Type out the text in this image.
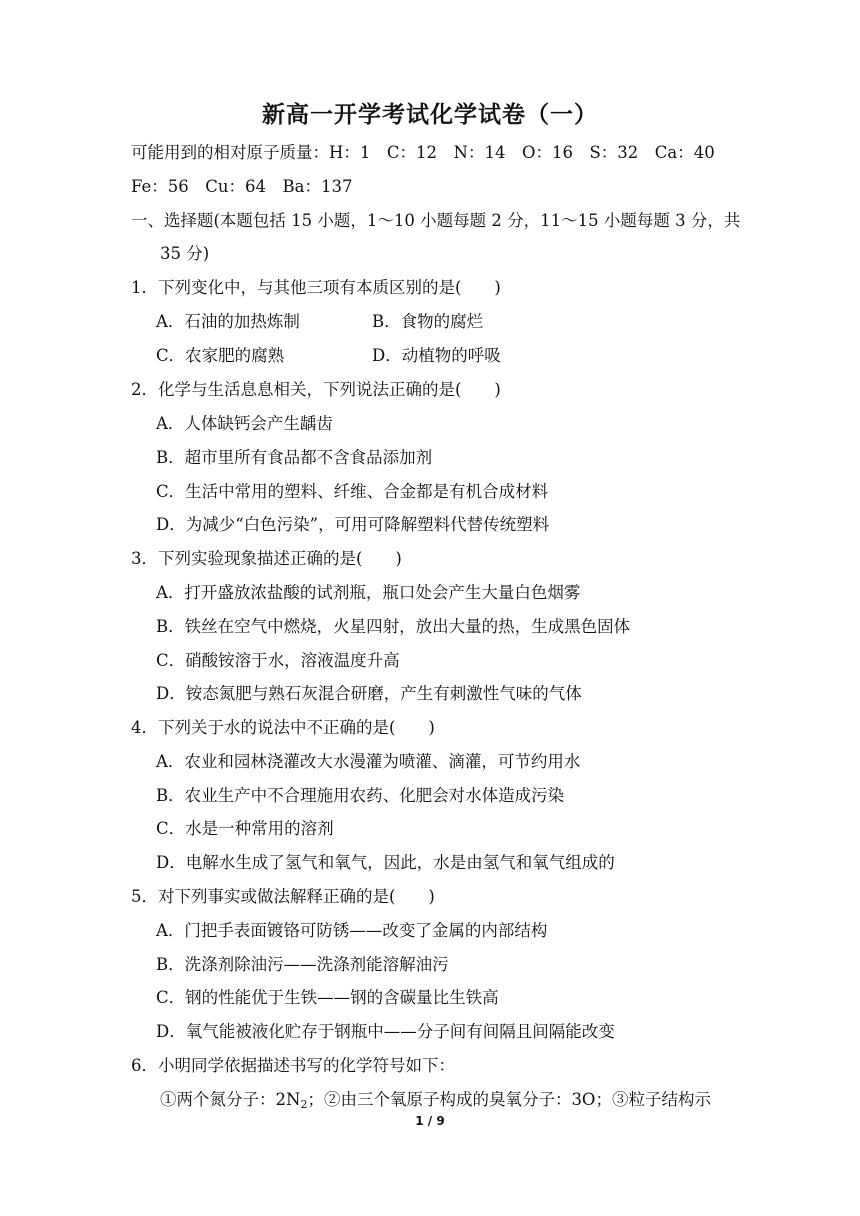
新高一开学考试化学试卷（一）
可能用到的相对原子质量：H：1　C：12　N：14　O：16　S：32　Ca：40
Fe：56　Cu：64　Ba：137
一、选择题(本题包括 15 小题，1～10 小题每题 2 分，11～15 小题每题 3 分，共
35 分)
1．下列变化中，与其他三项有本质区别的是(　　)
A．石油的加热炼制	B．食物的腐烂
C．农家肥的腐熟	D．动植物的呼吸
2．化学与生活息息相关，下列说法正确的是(　　)
A．人体缺钙会产生龋齿
B．超市里所有食品都不含食品添加剂
C．生活中常用的塑料、纤维、合金都是有机合成材料
D．为减少“白色污染”，可用可降解塑料代替传统塑料
3．下列实验现象描述正确的是(　　)
A．打开盛放浓盐酸的试剂瓶，瓶口处会产生大量白色烟雾
B．铁丝在空气中燃烧，火星四射，放出大量的热，生成黑色固体
C．硝酸铵溶于水，溶液温度升高
D．铵态氮肥与熟石灰混合研磨，产生有刺激性气味的气体
4．下列关于水的说法中不正确的是(　　)
A．农业和园林浇灌改大水漫灌为喷灌、滴灌，可节约用水
B．农业生产中不合理施用农药、化肥会对水体造成污染
C．水是一种常用的溶剂
D．电解水生成了氢气和氧气，因此，水是由氢气和氧气组成的
5．对下列事实或做法解释正确的是(　　)
A．门把手表面镀铬可防锈——改变了金属的内部结构
B．洗涤剂除油污——洗涤剂能溶解油污
C．钢的性能优于生铁——钢的含碳量比生铁高
D．氧气能被液化贮存于钢瓶中——分子间有间隔且间隔能改变
6．小明同学依据描述书写的化学符号如下：
①两个氮分子：$2N_2$；②由三个氧原子构成的臭氧分子：3O；③粒子结构示
1 / 9
